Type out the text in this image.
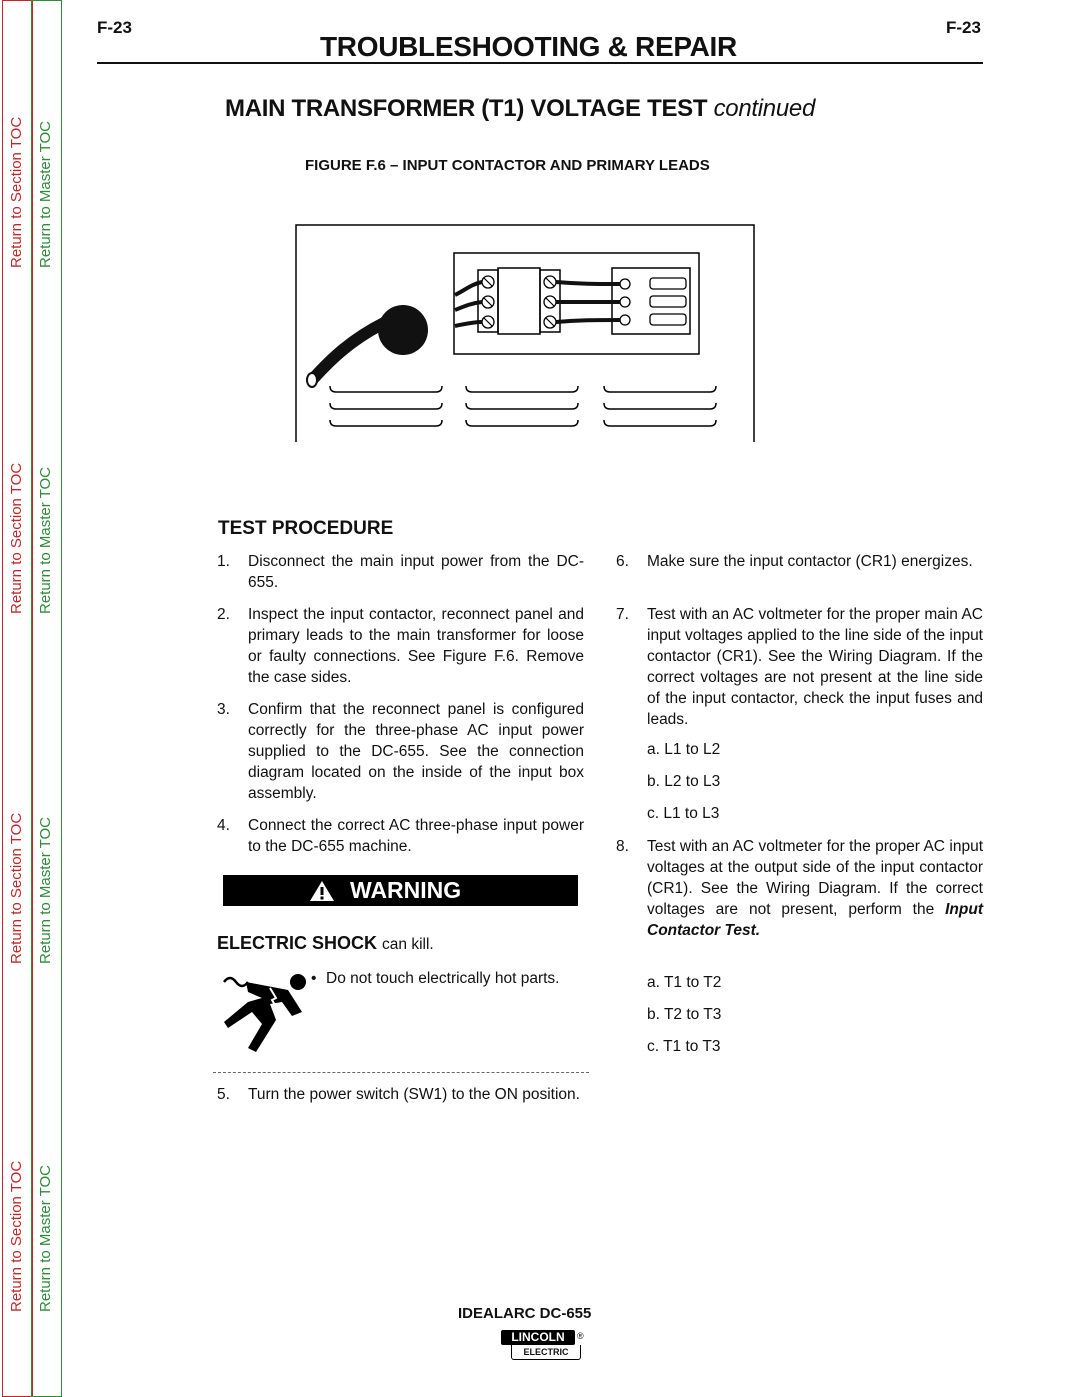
Return to Section TOC Return to Master TOC
Return to Section TOC Return to Master TOC
Return to Section TOC Return to Master TOC
Return to Section TOC Return to Master TOC
F-23	F-23
TROUBLESHOOTING & REPAIR
MAIN TRANSFORMER (T1) VOLTAGE TEST continued
FIGURE F.6 – INPUT CONTACTOR AND PRIMARY LEADS
TEST PROCEDURE
1. Disconnect the main input power from the DC-655.
2. Inspect the input contactor, reconnect panel and primary leads to the main transformer for loose or faulty connections. See Figure F.6. Remove the case sides.
3. Confirm that the reconnect panel is configured correctly for the three-phase AC input power supplied to the DC-655. See the connection diagram located on the inside of the input box assembly.
4. Connect the correct AC three-phase input power to the DC-655 machine.
WARNING
ELECTRIC SHOCK can kill.
• Do not touch electrically hot parts.
5. Turn the power switch (SW1) to the ON position.
6. Make sure the input contactor (CR1) energizes.
7. Test with an AC voltmeter for the proper main AC input voltages applied to the line side of the input contactor (CR1). See the Wiring Diagram. If the correct voltages are not present at the line side of the input contactor, check the input fuses and leads.
a. L1 to L2
b. L2 to L3
c. L1 to L3
8. Test with an AC voltmeter for the proper AC input voltages at the output side of the input contactor (CR1). See the Wiring Diagram. If the correct voltages are not present, perform the Input Contactor Test.
a. T1 to T2
b. T2 to T3
c. T1 to T3
IDEALARC DC-655
LINCOLN	®
ELECTRIC
